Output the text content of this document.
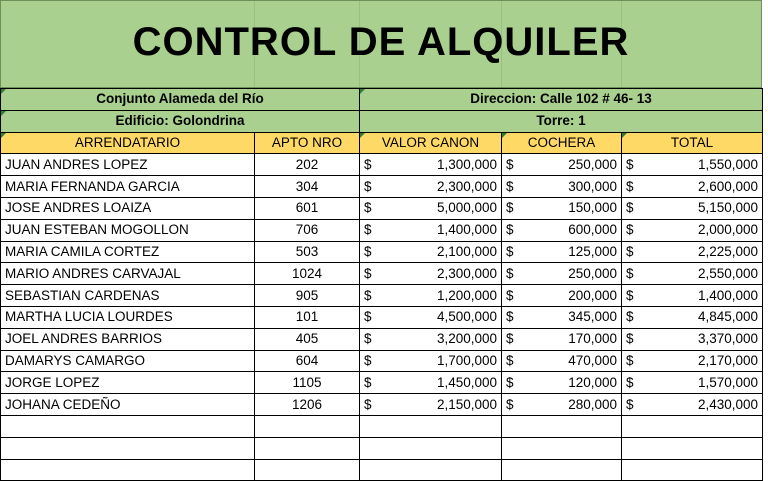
CONTROL DE ALQUILER
Conjunto Alameda del Río		Direccion: Calle 102 # 46- 13		
Edificio: Golondrina		Torre: 1		
ARRENDATARIO	APTO NRO	VALOR CANON	COCHERA	TOTAL
JUAN ANDRES LOPEZ	202	$ 1,300,000	$ 250,000	$ 1,550,000

MARIA FERNANDA GARCIA	304	$ 2,300,000	$ 300,000	$ 2,600,000

JOSE ANDRES LOAIZA	601	$ 5,000,000	$ 150,000	$ 5,150,000

JUAN ESTEBAN MOGOLLON	706	$ 1,400,000	$ 600,000	$ 2,000,000

MARIA CAMILA CORTEZ	503	$ 2,100,000	$ 125,000	$ 2,225,000

MARIO ANDRES CARVAJAL	1024	$ 2,300,000	$ 250,000	$ 2,550,000

SEBASTIAN CARDENAS	905	$ 1,200,000	$ 200,000	$ 1,400,000

MARTHA LUCIA LOURDES	101	$ 4,500,000	$ 345,000	$ 4,845,000

JOEL ANDRES BARRIOS	405	$ 3,200,000	$ 170,000	$ 3,370,000

DAMARYS CAMARGO	604	$ 1,700,000	$ 470,000	$ 2,170,000

JORGE LOPEZ	1105	$ 1,450,000	$ 120,000	$ 1,570,000

JOHANA CEDEÑO	1206	$ 2,150,000	$ 280,000	$ 2,430,000
